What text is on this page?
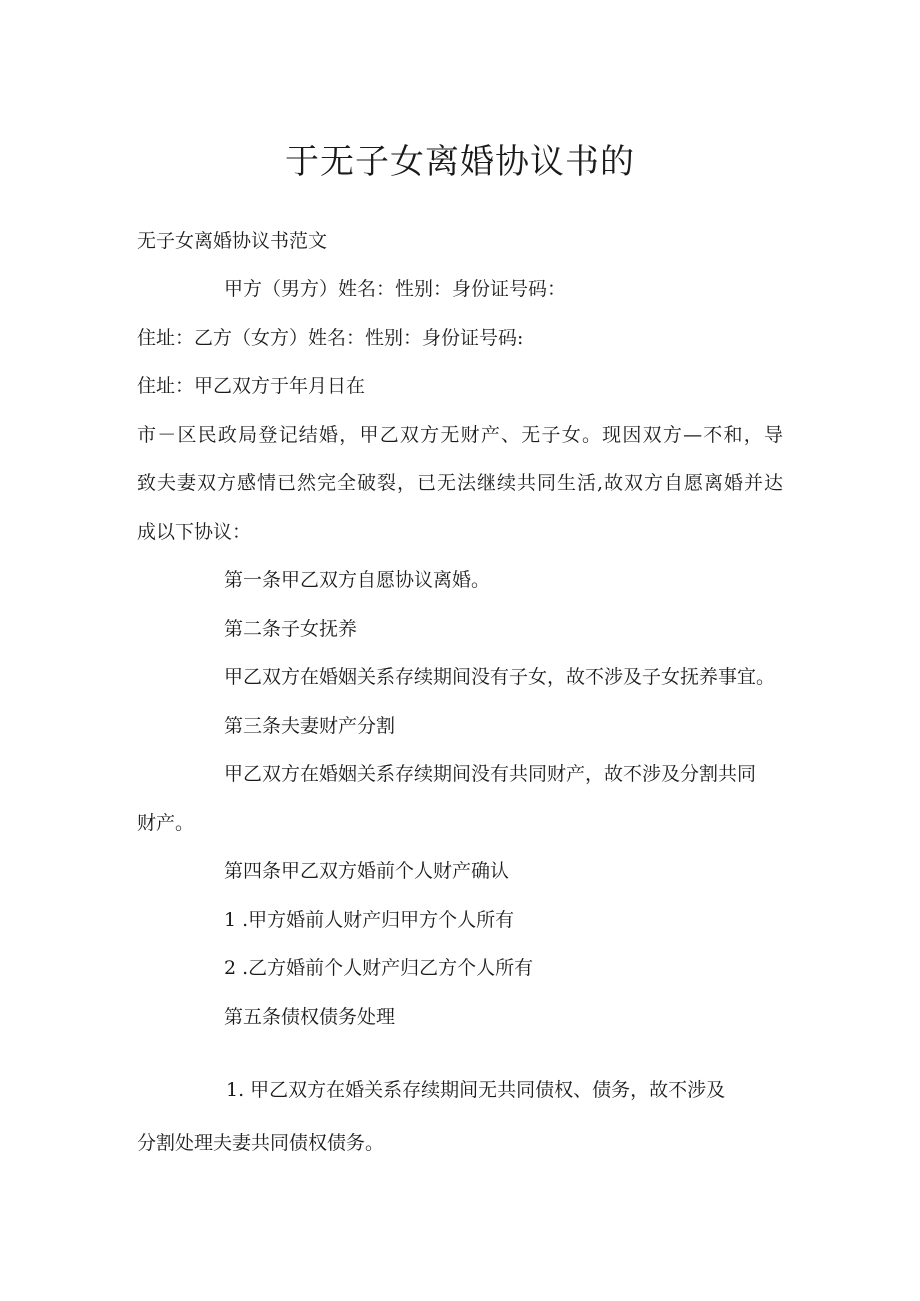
于无子女离婚协议书的

无子女离婚协议书范文

甲方（男方）姓名：性别：身份证号码：

住址：乙方（女方）姓名：性别：身份证号码:

住址：甲乙双方于年月日在

市－区民政局登记结婚，甲乙双方无财产、无子女。现因双方—不和，导

致夫妻双方感情已然完全破裂，已无法继续共同生活,故双方自愿离婚并达

成以下协议：

第一条甲乙双方自愿协议离婚。

第二条子女抚养

甲乙双方在婚姻关系存续期间没有子女，故不涉及子女抚养事宜。

第三条夫妻财产分割

甲乙双方在婚姻关系存续期间没有共同财产，故不涉及分割共同

财产。

第四条甲乙双方婚前个人财产确认

1 .甲方婚前人财产归甲方个人所有

2 .乙方婚前个人财产归乙方个人所有

第五条债权债务处理

1. 甲乙双方在婚关系存续期间无共同债权、债务，故不涉及

分割处理夫妻共同债权债务。
